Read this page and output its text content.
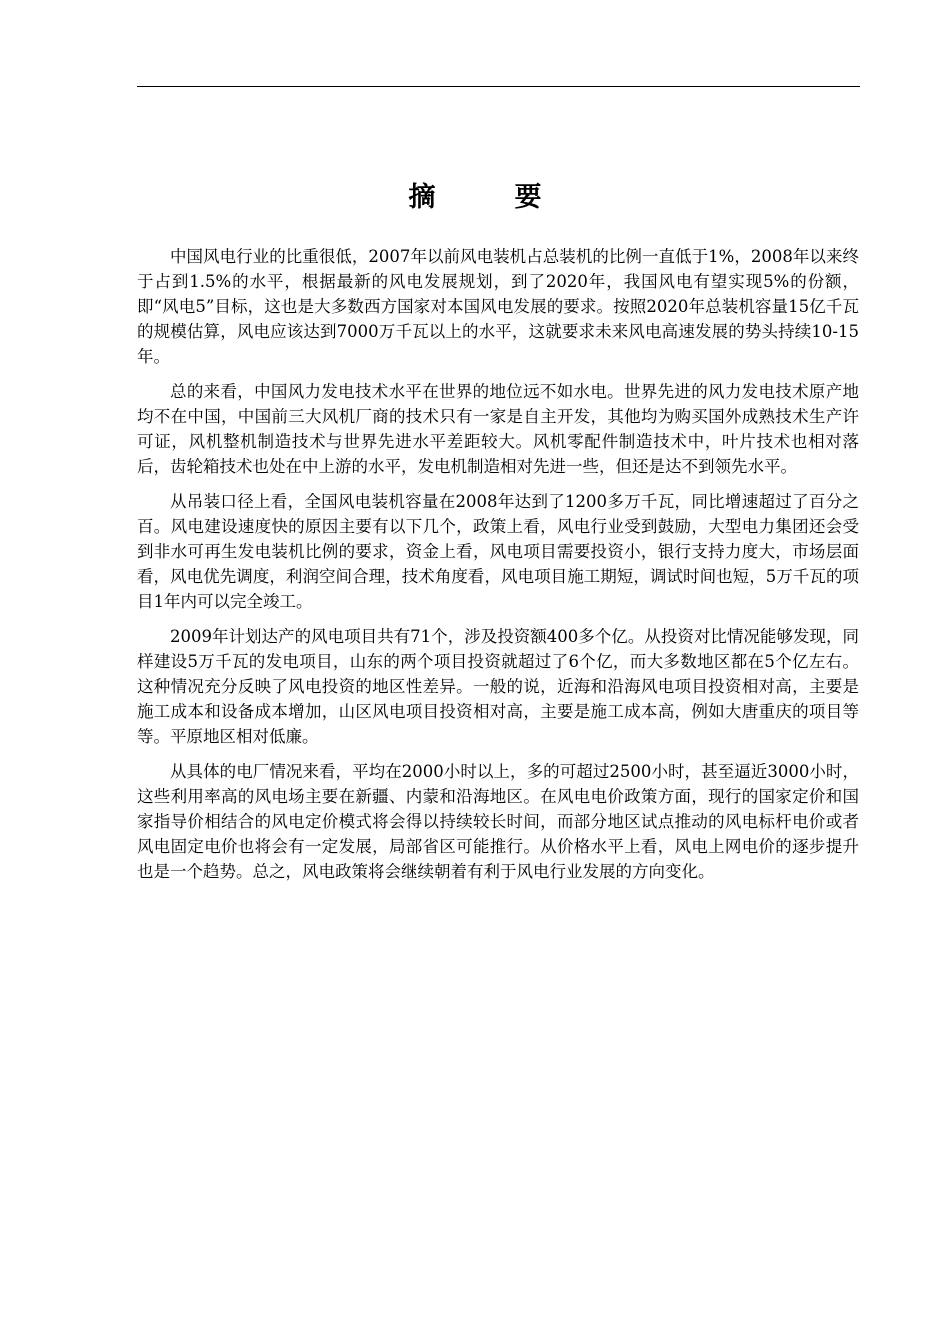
摘　要

中国风电行业的比重很低，2007年以前风电装机占总装机的比例一直低于1%，2008年以来终于占到1.5%的水平，根据最新的风电发展规划，到了2020年，我国风电有望实现5%的份额，即“风电5”目标，这也是大多数西方国家对本国风电发展的要求。按照2020年总装机容量15亿千瓦的规模估算，风电应该达到7000万千瓦以上的水平，这就要求未来风电高速发展的势头持续10-15年。

总的来看，中国风力发电技术水平在世界的地位远不如水电。世界先进的风力发电技术原产地均不在中国，中国前三大风机厂商的技术只有一家是自主开发，其他均为购买国外成熟技术生产许可证，风机整机制造技术与世界先进水平差距较大。风机零配件制造技术中，叶片技术也相对落后，齿轮箱技术也处在中上游的水平，发电机制造相对先进一些，但还是达不到领先水平。

从吊装口径上看，全国风电装机容量在2008年达到了1200多万千瓦，同比增速超过了百分之百。风电建设速度快的原因主要有以下几个，政策上看，风电行业受到鼓励，大型电力集团还会受到非水可再生发电装机比例的要求，资金上看，风电项目需要投资小，银行支持力度大，市场层面看，风电优先调度，利润空间合理，技术角度看，风电项目施工期短，调试时间也短，5万千瓦的项目1年内可以完全竣工。

2009年计划达产的风电项目共有71个，涉及投资额400多个亿。从投资对比情况能够发现，同样建设5万千瓦的发电项目，山东的两个项目投资就超过了6个亿，而大多数地区都在5个亿左右。这种情况充分反映了风电投资的地区性差异。一般的说，近海和沿海风电项目投资相对高，主要是施工成本和设备成本增加，山区风电项目投资相对高，主要是施工成本高，例如大唐重庆的项目等等。平原地区相对低廉。

从具体的电厂情况来看，平均在2000小时以上，多的可超过2500小时，甚至逼近3000小时，这些利用率高的风电场主要在新疆、内蒙和沿海地区。在风电电价政策方面，现行的国家定价和国家指导价相结合的风电定价模式将会得以持续较长时间，而部分地区试点推动的风电标杆电价或者风电固定电价也将会有一定发展，局部省区可能推行。从价格水平上看，风电上网电价的逐步提升也是一个趋势。总之，风电政策将会继续朝着有利于风电行业发展的方向变化。
